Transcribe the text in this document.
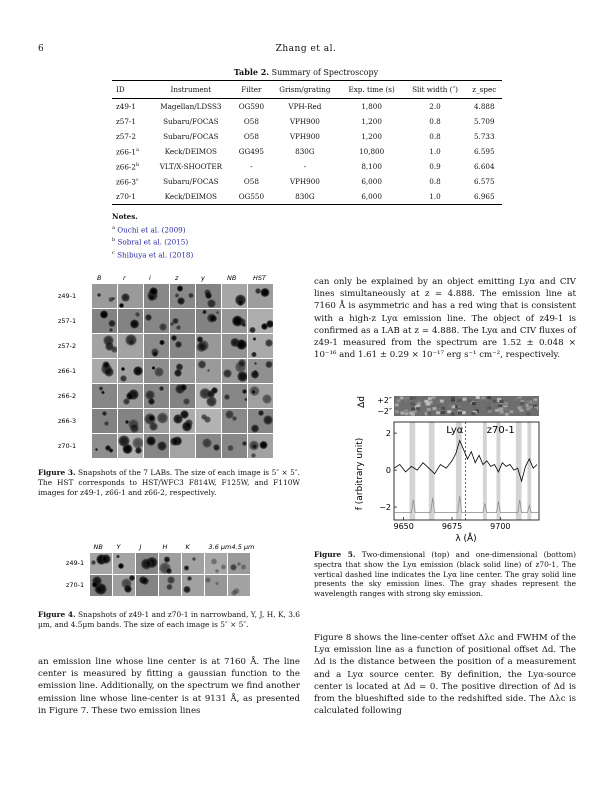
6	Zhang et al.
Table 2. Summary of Spectroscopy
ID	Instrument	Filter	Grism/grating	Exp. time (s)	Slit width (″)	z_spec
z49-1	Magellan/LDSS3	OG590	VPH-Red	1,800	2.0	4.888
z57-1	Subaru/FOCAS	O58	VPH900	1,200	0.8	5.709
z57-2	Subaru/FOCAS	O58	VPH900	1,200	0.8	5.733
z66-1$^a$	Keck/DEIMOS	GG495	830G	10,800	1.0	6.595
z66-2$^b$	VLT/X-SHOOTER	-	-	8,100	0.9	6.604
z66-3$^c$	Subaru/FOCAS	O58	VPH900	6,000	0.8	6.575
z70-1	Keck/DEIMOS	OG550	830G	6,000	1.0	6.965
Notes.
$^a$ Ouchi et al. (2009)
$^b$ Sobral et al. (2015)
$^c$ Shibuya et al. (2018)
B	r	i	z	y	NB	HST
z49-1
z57-1
z57-2
z66-1
z66-2
z66-3
z70-1
Figure 3. Snapshots of the 7 LABs. The size of each image is 5″ × 5″. The HST corresponds to HST/WFC3 F814W, F125W, and F110W images for z49-1, z66-1 and z66-2, respectively.
NB Y	J	H	K	3.6 µm 4.5 µm
z49-1
z70-1
Figure 4. Snapshots of z49-1 and z70-1 in narrowband, Y, J, H, K, 3.6 µm, and 4.5µm bands. The size of each image is 5″ × 5″.
an emission line whose line center is at 7160 Å. The line center is measured by fitting a gaussian function to the emission line. Additionally, on the spectrum we find another emission line whose line-center is at 9131 Å, as presented in Figure 7. These two emission lines
can only be explained by an object emitting Lyα and CIV lines simultaneously at z = 4.888. The emission line at 7160 Å is asymmetric and has a red wing that is consistent with a high-z Lyα emission line. The object of z49-1 is confirmed as a LAB at z = 4.888. The Lyα and CIV fluxes of z49-1 measured from the spectrum are 1.52 ± 0.048 × 10⁻¹⁶ and 1.61 ± 0.29 × 10⁻¹⁷ erg s⁻¹ cm⁻², respectively.
Δd +2″
−2″
9650	9675	9700
−2
0
2	Lyα z70-1
f (arbitrary unit)
λ (Å)
Figure 5. Two-dimensional (top) and one-dimensional (bottom) spectra that show the Lyα emission (black solid line) of z70-1. The vertical dashed line indicates the Lyα line center. The gray solid line presents the sky emission lines. The gray shades represent the wavelength ranges with strong sky emission.
Figure 8 shows the line-center offset Δλc and FWHM of the Lyα emission line as a function of positional offset Δd. The Δd is the distance between the position of a measurement and a Lyα source center. By definition, the Lyα-source center is located at Δd = 0. The positive direction of Δd is from the blueshifted side to the redshifted side. The Δλc is calculated following
